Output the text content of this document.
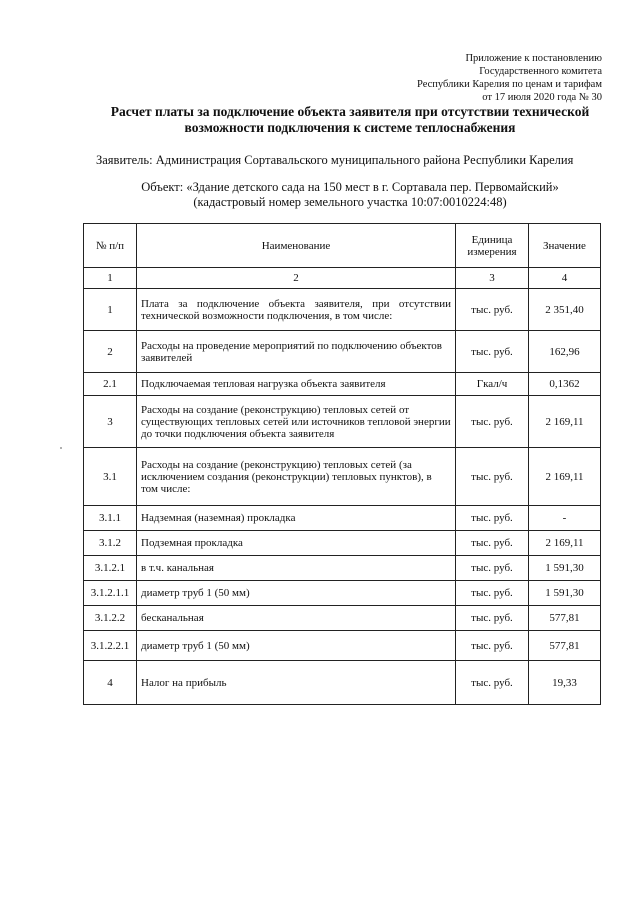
Приложение к постановлению
Государственного комитета
Республики Карелия по ценам и тарифам
от 17 июля 2020 года № 30
Расчет платы за подключение объекта заявителя при отсутствии технической
возможности подключения к системе теплоснабжения
Заявитель: Администрация Сортавальского муниципального района Республики Карелия
Объект: «Здание детского сада на 150 мест в г. Сортавала пер. Первомайский»
(кадастровый номер земельного участка 10:07:0010224:48)
№ п/п	Наименование	Единица измерения	Значение
1	2	3	4
1	Плата за подключение объекта заявителя, при отсутствии технической возможности подключения, в том числе:	тыс. руб.	2 351,40
2	Расходы на проведение мероприятий по подключению объектов заявителей	тыс. руб.	162,96
2.1	Подключаемая тепловая нагрузка объекта заявителя	Гкал/ч	0,1362
3	Расходы на создание (реконструкцию) тепловых сетей от существующих тепловых сетей или источников тепловой энергии до точки подключения объекта заявителя	тыс. руб.	2 169,11
3.1	Расходы на создание (реконструкцию) тепловых сетей (за исключением создания (реконструкции) тепловых пунктов), в том числе:	тыс. руб.	2 169,11
3.1.1	Надземная (наземная) прокладка	тыс. руб.	-
3.1.2	Подземная прокладка	тыс. руб.	2 169,11
3.1.2.1	в т.ч. канальная	тыс. руб.	1 591,30
3.1.2.1.1	диаметр труб 1 (50 мм)	тыс. руб.	1 591,30
3.1.2.2	бесканальная	тыс. руб.	577,81
3.1.2.2.1	диаметр труб 1 (50 мм)	тыс. руб.	577,81
4	Налог на прибыль	тыс. руб.	19,33
